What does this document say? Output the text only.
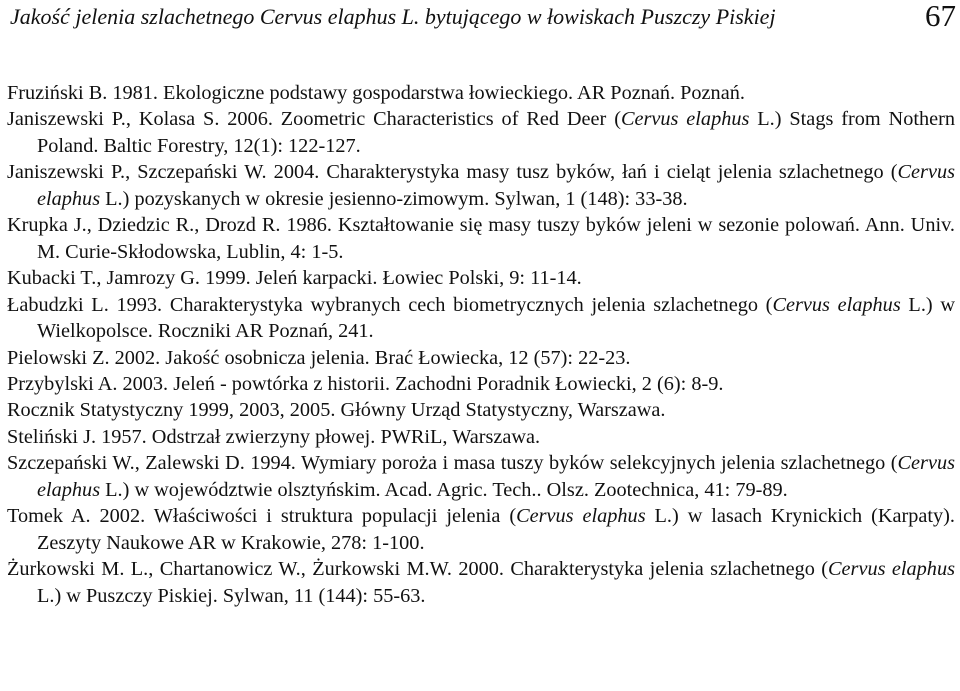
Jakość jelenia szlachetnego Cervus elaphus L. bytującego w łowiskach Puszczy Piskiej	67
Fruziński B. 1981. Ekologiczne podstawy gospodarstwa łowieckiego. AR Poznań. Poznań.
Janiszewski P., Kolasa S. 2006. Zoometric Characteristics of Red Deer (Cervus elaphus L.) Stags from Nothern Poland. Baltic Forestry, 12(1): 122-127.
Janiszewski P., Szczepański W. 2004. Charakterystyka masy tusz byków, łań i cieląt jelenia szlachetnego (Cervus elaphus L.) pozyskanych w okresie jesienno-zimowym. Sylwan, 1 (148): 33-38.
Krupka J., Dziedzic R., Drozd R. 1986. Kształtowanie się masy tuszy byków jeleni w sezonie polowań. Ann. Univ. M. Curie-Skłodowska, Lublin, 4: 1-5.
Kubacki T., Jamrozy G. 1999. Jeleń karpacki. Łowiec Polski, 9: 11-14.
Łabudzki L. 1993. Charakterystyka wybranych cech biometrycznych jelenia szlachetnego (Cervus elaphus L.) w Wielkopolsce. Roczniki AR Poznań, 241.
Pielowski Z. 2002. Jakość osobnicza jelenia. Brać Łowiecka, 12 (57): 22-23.
Przybylski A. 2003. Jeleń - powtórka z historii. Zachodni Poradnik Łowiecki, 2 (6): 8-9.
Rocznik Statystyczny 1999, 2003, 2005. Główny Urząd Statystyczny, Warszawa.
Steliński J. 1957. Odstrzał zwierzyny płowej. PWRiL, Warszawa.
Szczepański W., Zalewski D. 1994. Wymiary poroża i masa tuszy byków selekcyjnych jelenia szlachetnego (Cervus elaphus L.) w województwie olsztyńskim. Acad. Agric. Tech.. Olsz. Zootechnica, 41: 79-89.
Tomek A. 2002. Właściwości i struktura populacji jelenia (Cervus elaphus L.) w lasach Krynickich (Karpaty). Zeszyty Naukowe AR w Krakowie, 278: 1-100.
Żurkowski M. L., Chartanowicz W., Żurkowski M.W. 2000. Charakterystyka jelenia szlachetnego (Cervus elaphus L.) w Puszczy Piskiej. Sylwan, 11 (144): 55-63.
